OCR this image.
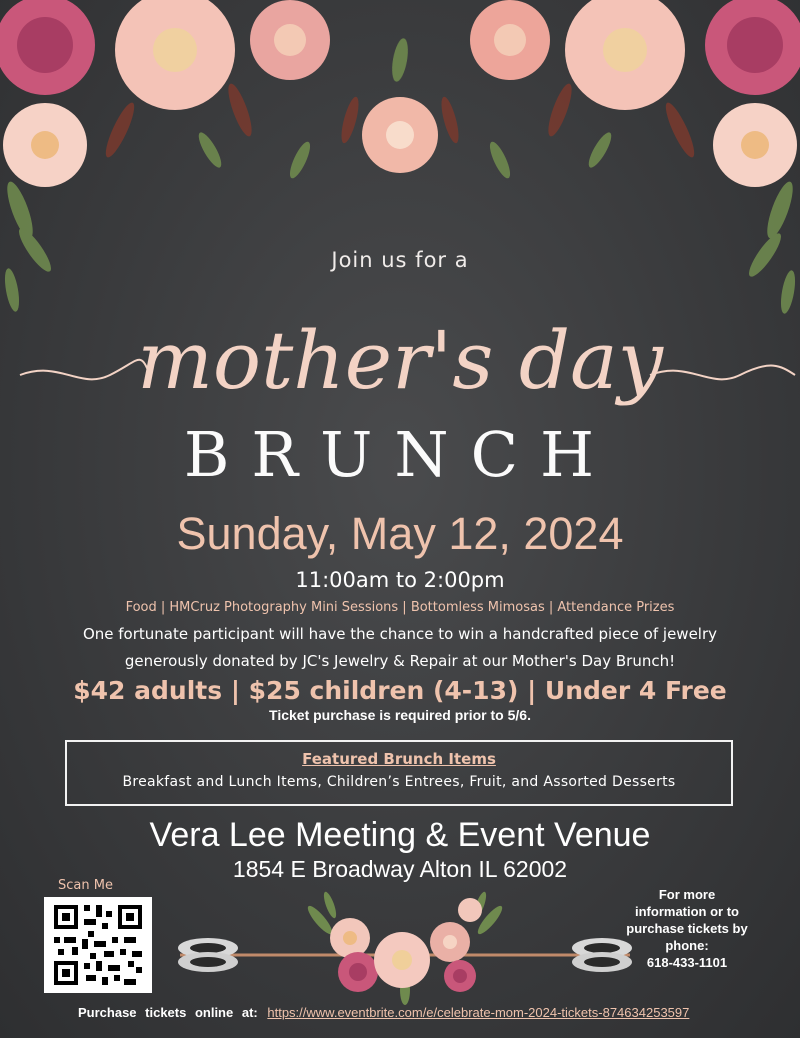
Join us for a
mother's day
BRUNCH
Sunday, May 12, 2024
11:00am to 2:00pm
Food | HMCruz Photography Mini Sessions | Bottomless Mimosas | Attendance Prizes
One fortunate participant will have the chance to win a handcrafted piece of jewelry
generously donated by JC's Jewelry & Repair at our Mother's Day Brunch!
$42 adults | $25 children (4-13) | Under 4 Free
Ticket purchase is required prior to 5/6.
Featured Brunch Items
Breakfast and Lunch Items, Children’s Entrees, Fruit, and Assorted Desserts
Vera Lee Meeting & Event Venue
1854 E Broadway Alton IL 62002
Scan Me
For more
information or to
purchase tickets by
phone:
618-433-1101
Purchase tickets online at: https://www.eventbrite.com/e/celebrate-mom-2024-tickets-874634253597
